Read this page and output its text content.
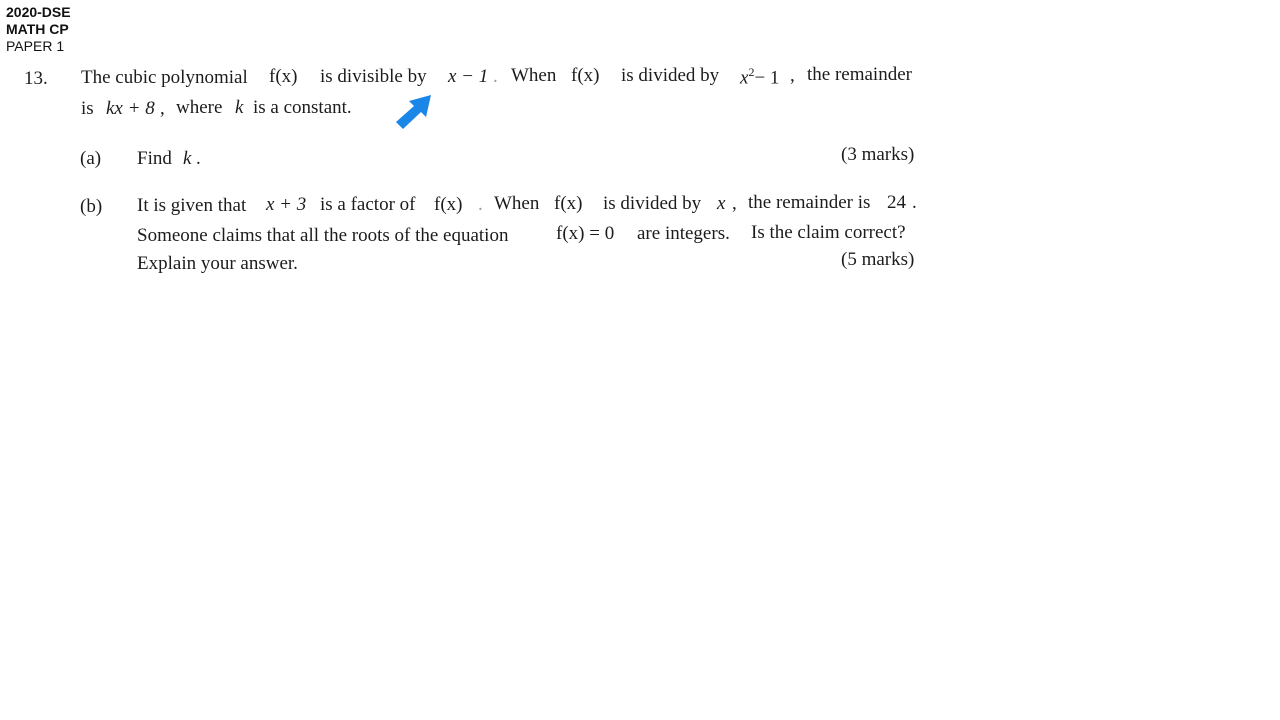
2020-DSE
MATH CP
PAPER 1
13. The cubic polynomial f(x) is divisible by x − 1 . When f(x) is divided by $x^2- 1$ , the remainder
is kx + 8 , where k is a constant.
(a) Find k .	(3 marks)
(b) It is given that x + 3 is a factor of f(x) . When f(x) is divided by x , the remainder is 24 .
Someone claims that all the roots of the equation	f(x) = 0 are integers. Is the claim correct?
Explain your answer.	(5 marks)
